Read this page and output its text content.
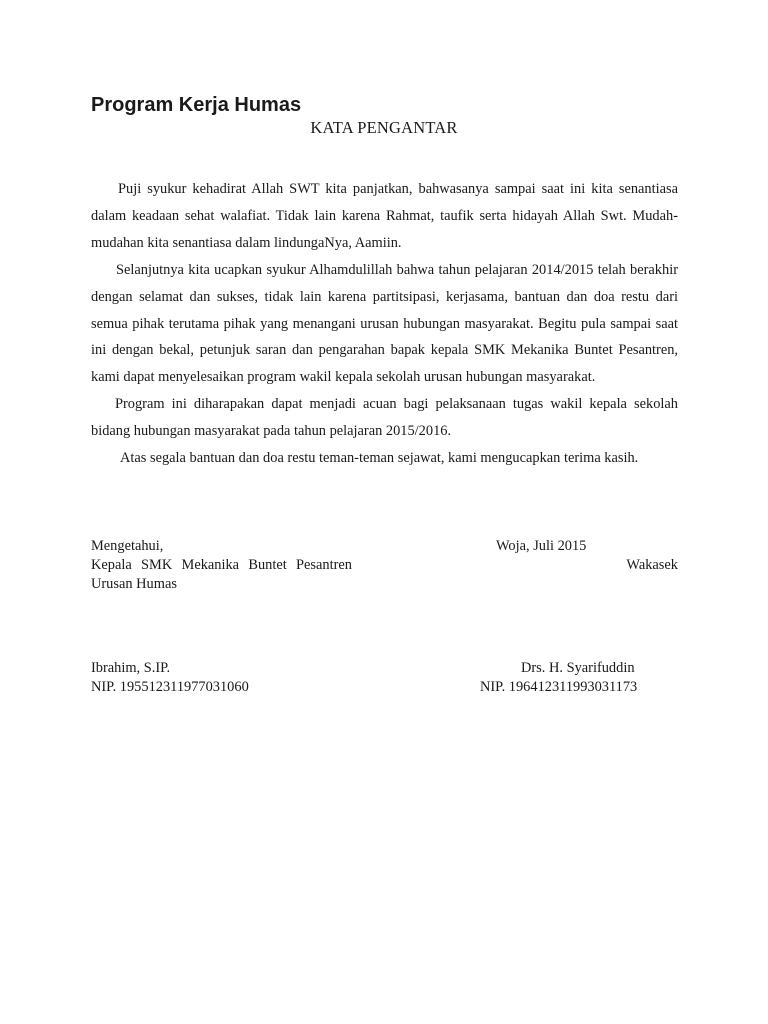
Program Kerja Humas
KATA PENGANTAR

Puji syukur kehadirat Allah SWT kita panjatkan, bahwasanya sampai saat ini kita senantiasa dalam keadaan sehat walafiat. Tidak lain karena Rahmat, taufik serta hidayah Allah Swt. Mudah-mudahan kita senantiasa dalam lindungaNya, Aamiin.

Selanjutnya kita ucapkan syukur Alhamdulillah bahwa tahun pelajaran 2014/2015 telah berakhir dengan selamat dan sukses, tidak lain karena partitsipasi, kerjasama, bantuan dan doa restu dari semua pihak terutama pihak yang menangani urusan hubungan masyarakat. Begitu pula sampai saat ini dengan bekal, petunjuk saran dan pengarahan bapak kepala SMK Mekanika Buntet Pesantren, kami dapat menyelesaikan program wakil kepala sekolah urusan hubungan masyarakat.

Program ini diharapakan dapat menjadi acuan bagi pelaksanaan tugas wakil kepala sekolah bidang hubungan masyarakat pada tahun pelajaran 2015/2016.

Atas segala bantuan dan doa restu teman-teman sejawat, kami mengucapkan terima kasih.

Mengetahui,
Kepala SMK Mekanika Buntet Pesantren
Urusan Humas
Woja, Juli 2015
Wakasek
Ibrahim, S.IP.
NIP. 195512311977031060
Drs. H. Syarifuddin
NIP. 196412311993031173
